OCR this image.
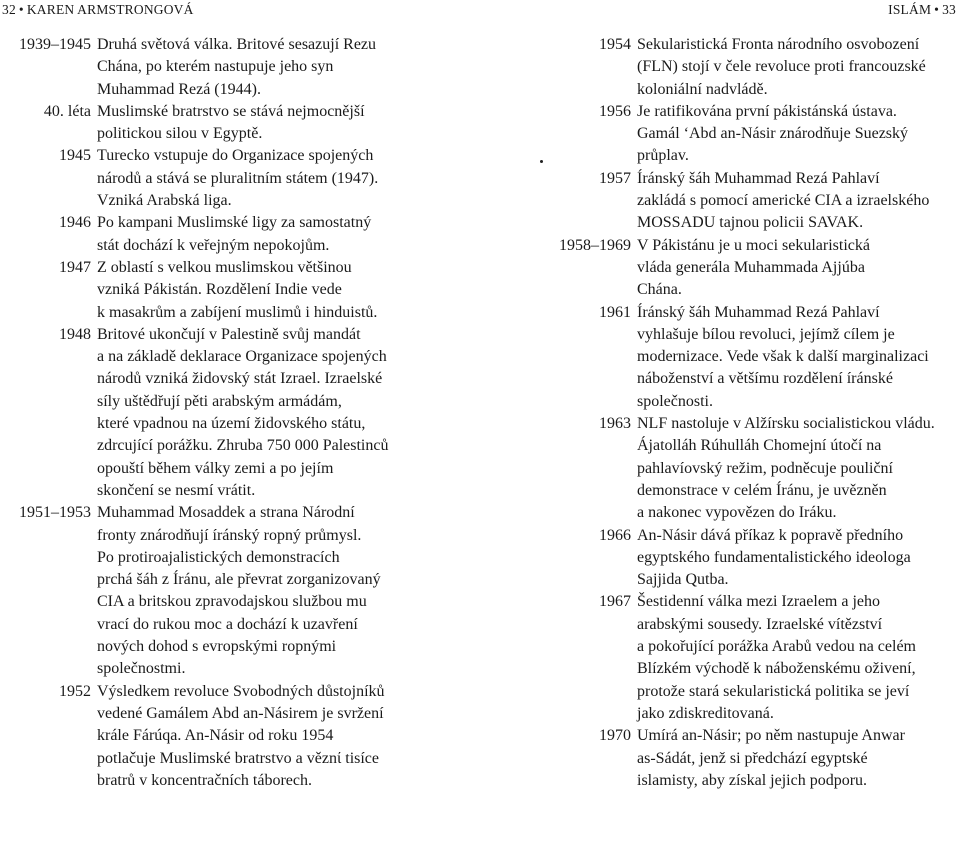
32 • KAREN ARMSTRONGOVÁ
1939–1945 Druhá světová válka. Britové sesazují Rezu
Chána, po kterém nastupuje jeho syn
Muhammad Rezá (1944).
40. léta Muslimské bratrstvo se stává nejmocnější
politickou silou v Egyptě.
1945 Turecko vstupuje do Organizace spojených
národů a stává se pluralitním státem (1947).
Vzniká Arabská liga.
1946 Po kampani Muslimské ligy za samostatný
stát dochází k veřejným nepokojům.
1947 Z oblastí s velkou muslimskou většinou
vzniká Pákistán. Rozdělení Indie vede
k masakrům a zabíjení muslimů i hinduistů.
1948 Britové ukončují v Palestině svůj mandát
a na základě deklarace Organizace spojených
národů vzniká židovský stát Izrael. Izraelské
síly uštědřují pěti arabským armádám,
které vpadnou na území židovského státu,
zdrcující porážku. Zhruba 750 000 Palestinců
opouští během války zemi a po jejím
skončení se nesmí vrátit.
1951–1953 Muhammad Mosaddek a strana Národní
fronty znárodňují íránský ropný průmysl.
Po protiroajalistických demonstracích
prchá šáh z Íránu, ale převrat zorganizovaný
CIA a britskou zpravodajskou službou mu
vrací do rukou moc a dochází k uzavření
nových dohod s evropskými ropnými
společnostmi.
1952 Výsledkem revoluce Svobodných důstojníků
vedené Gamálem Abd an-Násirem je svržení
krále Fárúqa. An-Násir od roku 1954
potlačuje Muslimské bratrstvo a věznί tisíce
bratrů v koncentračních táborech.
ISLÁM • 33
1954 Sekularistická Fronta národního osvobození
(FLN) stojí v čele revoluce proti francouzské
koloniální nadvládě.
1956 Je ratifikována první pákistánská ústava.
Gamál ‘Abd an-Násir znárodňuje Suezský
průplav.
1957 Íránský šáh Muhammad Rezá Pahlaví
zakládá s pomocí americké CIA a izraelského
MOSSADU tajnou policii SAVAK.
1958–1969 V Pákistánu je u moci sekularistická
vláda generála Muhammada Ajjúba
Chána.
1961 Íránský šáh Muhammad Rezá Pahlaví
vyhlašuje bílou revoluci, jejímž cílem je
modernizace. Vede však k další marginalizaci
náboženství a většímu rozdělení íránské
společnosti.
1963 NLF nastoluje v Alžírsku socialistickou vládu.
Ájatolláh Rúhulláh Chomejní útočí na
pahlavíovský režim, podněcuje pouliční
demonstrace v celém Íránu, je uvězněn
a nakonec vypovězen do Iráku.
1966 An-Násir dává příkaz k popravě předního
egyptského fundamentalistického ideologa
Sajjida Qutba.
1967 Šestidenní válka mezi Izraelem a jeho
arabskými sousedy. Izraelské vítězství
a pokořující porážka Arabů vedou na celém
Blízkém východě k náboženskému oživení,
protože stará sekularistická politika se jeví
jako zdiskreditovaná.
1970 Umírá an-Násir; po něm nastupuje Anwar
as-Sádát, jenž si předchází egyptské
islamisty, aby získal jejich podporu.
